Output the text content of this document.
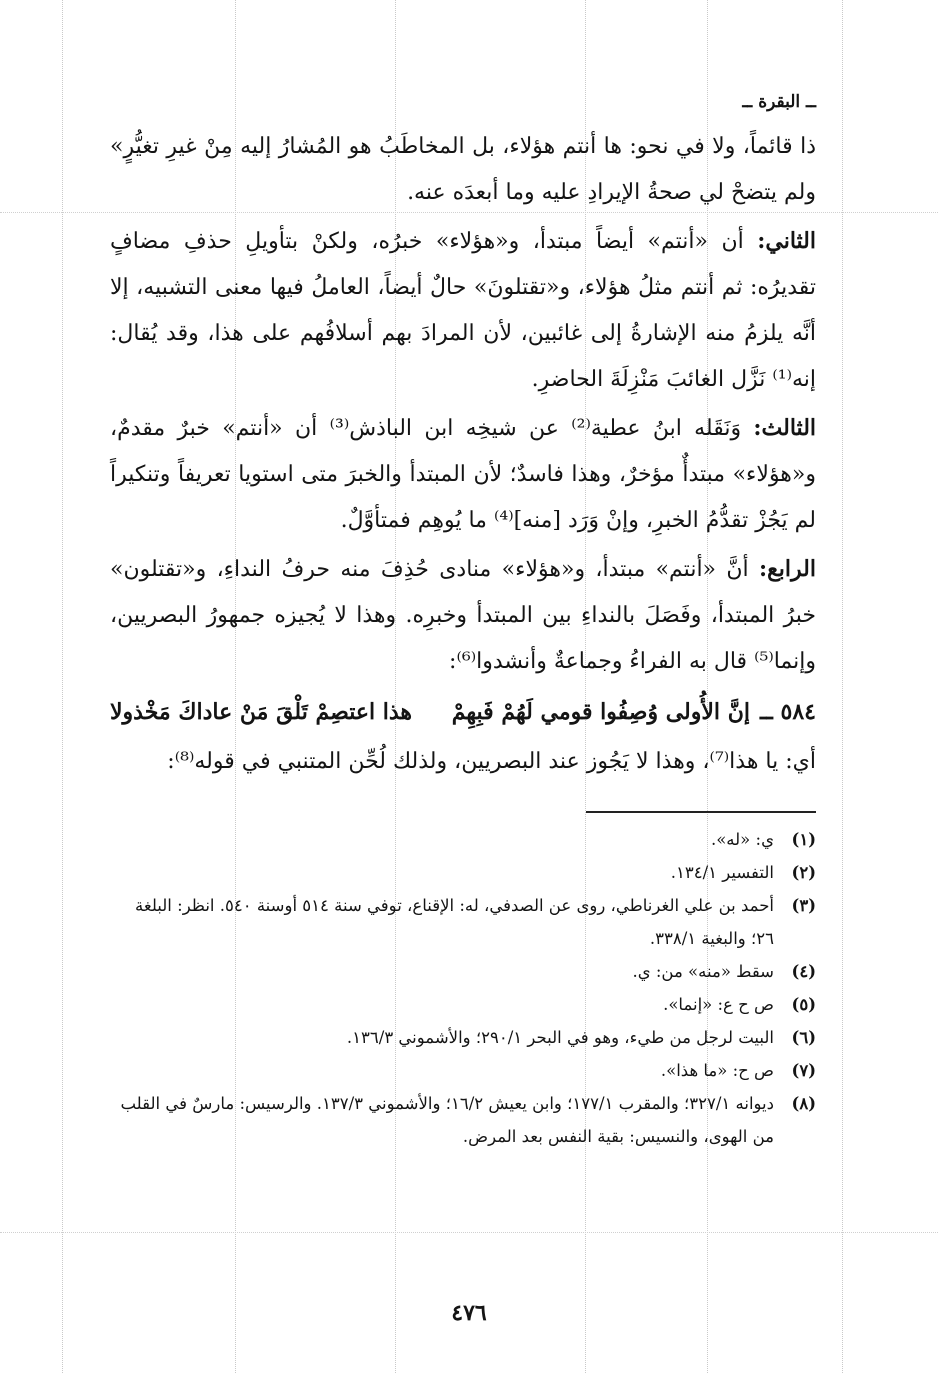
ــ البقرة ــ

ذا قائماً، ولا في نحو: ها أنتم هؤلاء، بل المخاطَبُ هو المُشارُ إليه مِنْ غيرِ تغيُّرٍ» ولم يتضحْ لي صحةُ الإيرادِ عليه وما أبعدَه عنه.

الثاني: أن «أنتم» أيضاً مبتدأ، و«هؤلاء» خبرُه، ولكنْ بتأويلِ حذفِ مضافٍ تقديرُه: ثم أنتم مثلُ هؤلاء، و«تقتلونَ» حالٌ أيضاً، العاملُ فيها معنى التشبيه، إلا أنَّه يلزمُ منه الإشارةُ إلى غائبين، لأن المرادَ بهم أسلافُهم على هذا، وقد يُقال: إنه⁽¹⁾ نَزَّل الغائبَ مَنْزِلَةَ الحاضرِ.

الثالث: وَنَقَله ابنُ عطية⁽²⁾ عن شيخِه ابن الباذش⁽³⁾ أن «أنتم» خبرٌ مقدمٌ، و«هؤلاء» مبتدأٌ مؤخرٌ، وهذا فاسدٌ؛ لأن المبتدأ والخبرَ متى استويا تعريفاً وتنكيراً لم يَجُزْ تقدُّمُ الخبرِ، وإنْ وَرَد [منه]⁽⁴⁾ ما يُوهِم فمتأوَّلٌ.

الرابع: أنَّ «أنتم» مبتدأ، و«هؤلاء» منادى حُذِفَ منه حرفُ النداءِ، و«تقتلون» خبرُ المبتدأ، وفَصَلَ بالنداءِ بين المبتدأ وخبرِه. وهذا لا يُجيزه جمهورُ البصريين، وإنما⁽⁵⁾ قال به الفراءُ وجماعةٌ وأنشدوا⁽⁶⁾:

٥٨٤ ــ
إنَّ الأُولى وُصِفُوا قومي لَهُمْ فَبِهِمْ
هذا اعتصِمْ تَلْقَ مَنْ عاداكَ مَخْذولا

أي: يا هذا⁽⁷⁾، وهذا لا يَجُوز عند البصريين، ولذلك لُحِّن المتنبي في قوله⁽⁸⁾:

(١)
ي: «له».
(٢)
التفسير ١٣٤/١.
(٣)
أحمد بن علي الغرناطي، روى عن الصدفي، له: الإقناع، توفي سنة ٥١٤ أوسنة ٥٤٠. انظر: البلغة ٢٦؛ والبغية ٣٣٨/١.
(٤)
سقط «منه» من: ي.
(٥)
ص ح ع: «إنما».
(٦)
البيت لرجل من طيء، وهو في البحر ٢٩٠/١؛ والأشموني ١٣٦/٣.
(٧)
ص ح: «ما هذا».
(٨)
ديوانه ٣٢٧/١؛ والمقرب ١٧٧/١؛ وابن يعيش ١٦/٢؛ والأشموني ١٣٧/٣. والرسيس: مارسٌ في القلب من الهوى، والنسيس: بقية النفس بعد المرض.
٤٧٦
